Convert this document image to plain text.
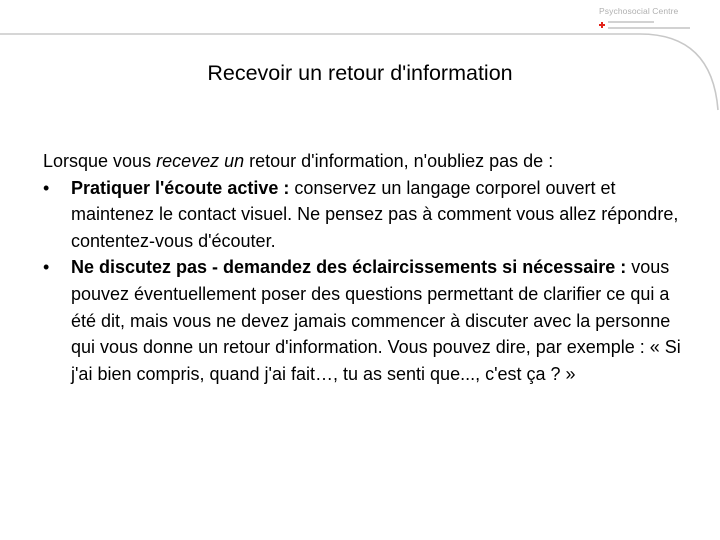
Psychosocial Centre
Recevoir un retour d'information

Lorsque vous recevez un retour d'information, n'oubliez pas de :

• Pratiquer l'écoute active : conservez un langage corporel ouvert et maintenez le contact visuel. Ne pensez pas à comment vous allez répondre, contentez-vous d'écouter.
• Ne discutez pas - demandez des éclaircissements si nécessaire : vous pouvez éventuellement poser des questions permettant de clarifier ce qui a été dit, mais vous ne devez jamais commencer à discuter avec la personne qui vous donne un retour d'information. Vous pouvez dire, par exemple : « Si j'ai bien compris, quand j'ai fait…, tu as senti que..., c'est ça ? »
